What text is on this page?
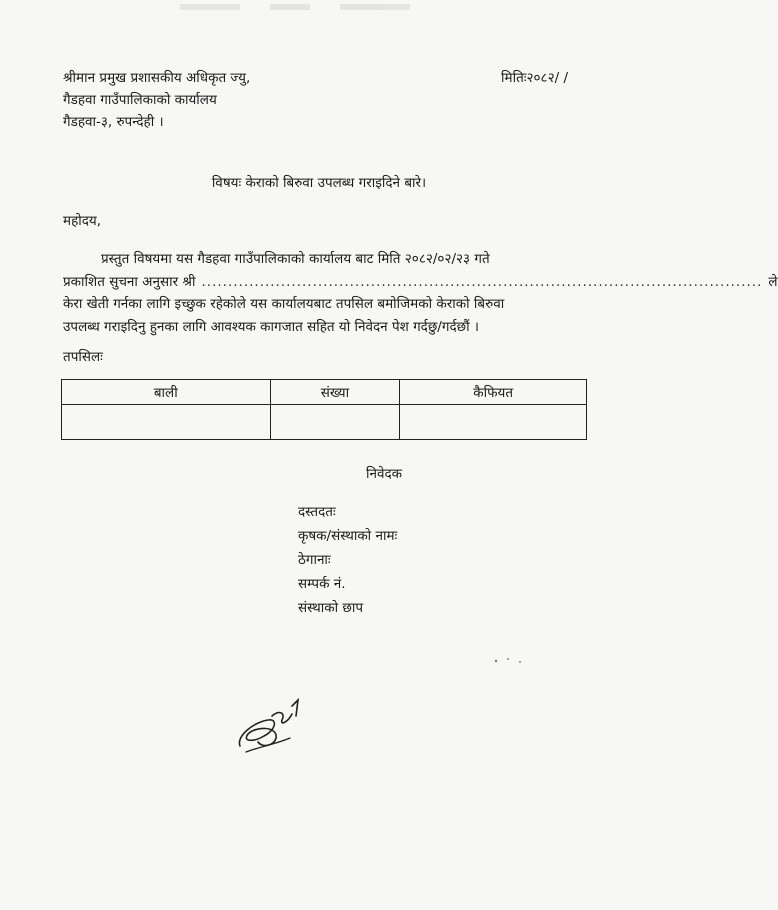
श्रीमान प्रमुख प्रशासकीय अधिकृत ज्यु,
गैडहवा गाउँपालिकाको कार्यालय
गैडहवा-३, रुपन्देही ।
मितिः२०८२/ /
विषयः केराको बिरुवा उपलब्ध गराइदिने बारे।
महोदय,
प्रस्तुत विषयमा यस गैडहवा गाउँपालिकाको कार्यालय बाट मिति २०८२/०२/२३ गते
प्रकाशित सुचना अनुसार श्री .......................................................................................................... ले
केरा खेती गर्नका लागि इच्छुक रहेकोले यस कार्यालयबाट तपसिल बमोजिमको केराको बिरुवा
उपलब्ध गराइदिनु हुनका लागि आवश्यक कागजात सहित यो निवेदन पेश गर्दछु/गर्दछौं ।
तपसिलः
बाली	संख्या	कैफियत

निवेदक
दस्तदतः
कृषक/संस्थाको नामः
ठेगानाः
सम्पर्क नं.
संस्थाको छाप
